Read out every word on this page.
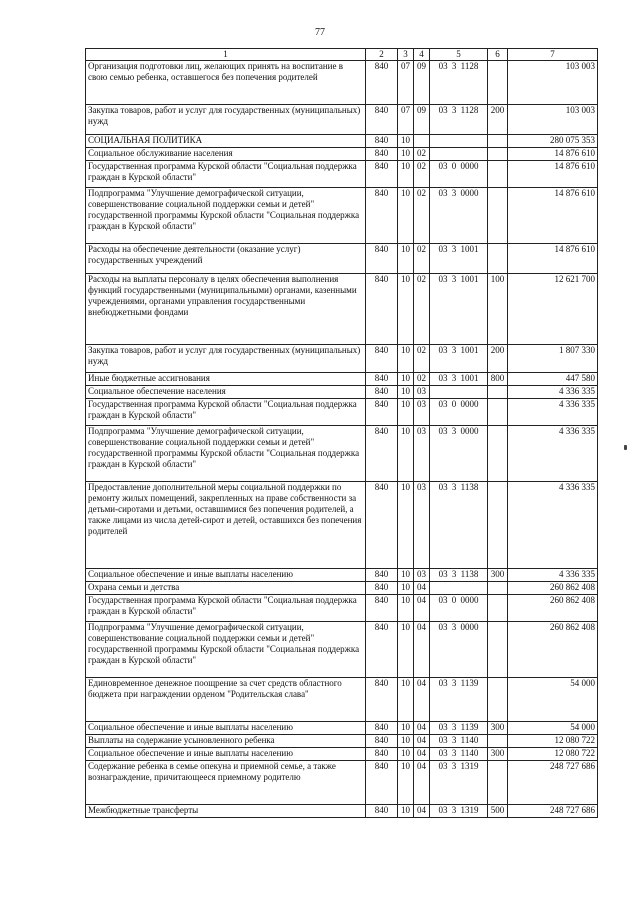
77
1	2	3	4	5	6	7
Организация подготовки лиц, желающих принять на воспитание в свою семью ребенка, оставшегося без попечения родителей	840	07	09	03 3 1128		103 003
Закупка товаров, работ и услуг для государственных (муниципальных) нужд	840	07	09	03 3 1128	200	103 003
СОЦИАЛЬНАЯ ПОЛИТИКА	840	10				280 075 353
Социальное обслуживание населения	840	10	02			14 876 610
Государственная программа Курской области "Социальная поддержка граждан в Курской области"	840	10	02	03 0 0000		14 876 610
Подпрограмма "Улучшение демографической ситуации, совершенствование социальной поддержки семьи и детей" государственной программы Курской области "Социальная поддержка граждан в Курской области"	840	10	02	03 3 0000		14 876 610
Расходы на обеспечение деятельности (оказание услуг) государственных учреждений	840	10	02	03 3 1001		14 876 610
Расходы на выплаты персоналу в целях обеспечения выполнения функций государственными (муниципальными) органами, казенными учреждениями, органами управления государственными внебюджетными фондами	840	10	02	03 3 1001	100	12 621 700
Закупка товаров, работ и услуг для государственных (муниципальных) нужд	840	10	02	03 3 1001	200	1 807 330
Иные бюджетные ассигнования	840	10	02	03 3 1001	800	447 580
Социальное обеспечение населения	840	10	03			4 336 335
Государственная программа Курской области "Социальная поддержка граждан в Курской области"	840	10	03	03 0 0000		4 336 335
Подпрограмма "Улучшение демографической ситуации, совершенствование социальной поддержки семьи и детей" государственной программы Курской области "Социальная поддержка граждан в Курской области"	840	10	03	03 3 0000		4 336 335
Предоставление дополнительной меры социальной поддержки по ремонту жилых помещений, закрепленных на праве собственности за детьми-сиротами и детьми, оставшимися без попечения родителей, а также лицами из числа детей-сирот и детей, оставшихся без попечения родителей	840	10	03	03 3 1138		4 336 335
Социальное обеспечение и иные выплаты населению	840	10	03	03 3 1138	300	4 336 335
Охрана семьи и детства	840	10	04			260 862 408
Государственная программа Курской области "Социальная поддержка граждан в Курской области"	840	10	04	03 0 0000		260 862 408
Подпрограмма "Улучшение демографической ситуации, совершенствование социальной поддержки семьи и детей" государственной программы Курской области "Социальная поддержка граждан в Курской области"	840	10	04	03 3 0000		260 862 408
Единовременное денежное поощрение за счет средств областного бюджета при награждении орденом "Родительская слава"	840	10	04	03 3 1139		54 000
Социальное обеспечение и иные выплаты населению	840	10	04	03 3 1139	300	54 000
Выплаты на содержание усыновленного ребенка	840	10	04	03 3 1140		12 080 722
Социальное обеспечение и иные выплаты населению	840	10	04	03 3 1140	300	12 080 722
Содержание ребенка в семье опекуна и приемной семье, а также вознаграждение, причитающееся приемному родителю	840	10	04	03 3 1319		248 727 686
Межбюджетные трансферты	840	10	04	03 3 1319	500	248 727 686
